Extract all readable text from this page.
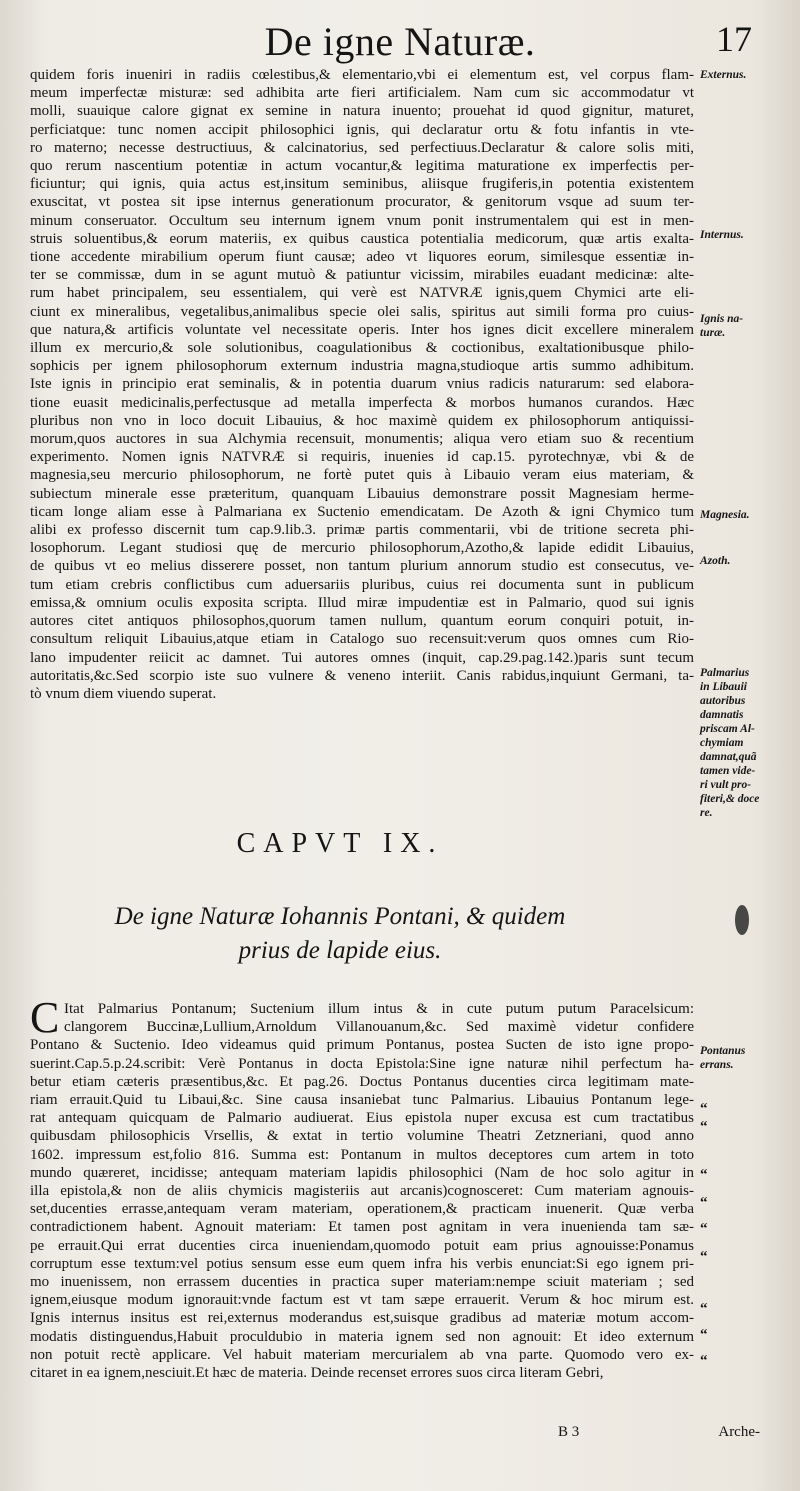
De igne Naturæ.	17
quidem foris inueniri in radiis cœlestibus,& elementario,vbi ei elementum est, vel corpus flam-
meum imperfectæ misturæ: sed adhibita arte fieri artificialem. Nam cum sic accommodatur vt
molli, suauique calore gignat ex semine in natura inuento; prouehat id quod gignitur, maturet,
perficiatque: tunc nomen accipit philosophici ignis, qui declaratur ortu & fotu infantis in vte-
ro materno; necesse destructiuus, & calcinatorius, sed perfectiuus.Declaratur & calore solis miti,
quo rerum nascentium potentiæ in actum vocantur,& legitima maturatione ex imperfectis per-
ficiuntur; qui ignis, quia actus est,insitum seminibus, aliisque frugiferis,in potentia existentem
exuscitat, vt postea sit ipse internus generationum procurator, & genitorum vsque ad suum ter-
minum conseruator. Occultum seu internum ignem vnum ponit instrumentalem qui est in men-
struis soluentibus,& eorum materiis, ex quibus caustica potentialia medicorum, quæ artis exalta-
tione accedente mirabilium operum fiunt causæ; adeo vt liquores eorum, similesque essentiæ in-
ter se commissæ, dum in se agunt mutuò & patiuntur vicissim, mirabiles euadant medicinæ: alte-
rum habet principalem, seu essentialem, qui verè est NATVRÆ ignis,quem Chymici arte eli-
ciunt ex mineralibus, vegetalibus,animalibus specie olei salis, spiritus aut simili forma pro cuius-
que natura,& artificis voluntate vel necessitate operis. Inter hos ignes dicit excellere mineralem
illum ex mercurio,& sole solutionibus, coagulationibus & coctionibus, exaltationibusque philo-
sophicis per ignem philosophorum externum industria magna,studioque artis summo adhibitum.
Iste ignis in principio erat seminalis, & in potentia duarum vnius radicis naturarum: sed elabora-
tione euasit medicinalis,perfectusque ad metalla imperfecta & morbos humanos curandos. Hæc
pluribus non vno in loco docuit Libauius, & hoc maximè quidem ex philosophorum antiquissi-
morum,quos auctores in sua Alchymia recensuit, monumentis; aliqua vero etiam suo & recentium
experimento. Nomen ignis NATVRÆ si requiris, inuenies id cap.15. pyrotechnyæ, vbi & de
magnesia,seu mercurio philosophorum, ne fortè putet quis à Libauio veram eius materiam, &
subiectum minerale esse præteritum, quanquam Libauius demonstrare possit Magnesiam herme-
ticam longe aliam esse à Palmariana ex Suctenio emendicatam. De Azoth & igni Chymico tum
alibi ex professo discernit tum cap.9.lib.3. primæ partis commentarii, vbi de tritione secreta phi-
losophorum. Legant studiosi quę de mercurio philosophorum,Azotho,& lapide edidit Libauius,
de quibus vt eo melius disserere posset, non tantum plurium annorum studio est consecutus, ve-
tum etiam crebris conflictibus cum aduersariis pluribus, cuius rei documenta sunt in publicum
emissa,& omnium oculis exposita scripta. Illud miræ impudentiæ est in Palmario, quod sui ignis
autores citet antiquos philosophos,quorum tamen nullum, quantum eorum conquiri potuit, in-
consultum reliquit Libauius,atque etiam in Catalogo suo recensuit:verum quos omnes cum Rio-
lano impudenter reiicit ac damnet. Tui autores omnes (inquit, cap.29.pag.142.)paris sunt tecum
autoritatis,&c.Sed scorpio iste suo vulnere & veneno interiit. Canis rabidus,inquiunt Germani, ta-
tò vnum diem viuendo superat.
Externus.
Internus.
Ignis na-
turæ.
Magnesia.
Azoth.
Palmarius
in Libauii
autoribus
damnatis
priscam Al-
chymiam
damnat,quã
tamen vide-
ri vult pro-
fiteri,& doce
re.
Pontanus
errans.
CAPVT IX.
De igne Naturæ Iohannis Pontani, & quidem
prius de lapide eius.
C Itat Palmarius Pontanum; Suctenium illum intus & in cute putum putum Paracelsicum:
clangorem Buccinæ,Lullium,Arnoldum Villanouanum,&c. Sed maximè videtur confidere
Pontano & Suctenio. Ideo videamus quid primum Pontanus, postea Sucten de isto igne propo-
suerint.Cap.5.p.24.scribit: Verè Pontanus in docta Epistola:Sine igne naturæ nihil perfectum ha-
betur etiam cæteris præsentibus,&c. Et pag.26. Doctus Pontanus ducenties circa legitimam mate-
riam errauit.Quid tu Libaui,&c. Sine causa insaniebat tunc Palmarius. Libauius Pontanum lege-
rat antequam quicquam de Palmario audiuerat. Eius epistola nuper excusa est cum tractatibus
quibusdam philosophicis Vrsellis, & extat in tertio volumine Theatri Zetzneriani, quod anno
1602. impressum est,folio 816. Summa est: Pontanum in multos deceptores cum artem in toto
mundo quæreret, incidisse; antequam materiam lapidis philosophici (Nam de hoc solo agitur in
illa epistola,& non de aliis chymicis magisteriis aut arcanis)cognosceret: Cum materiam agnouis-
set,ducenties errasse,antequam veram materiam, operationem,& practicam inuenerit. Quæ verba
contradictionem habent. Agnouit materiam: Et tamen post agnitam in vera inuenienda tam sæ-
pe errauit.Qui errat ducenties circa inueniendam,quomodo potuit eam prius agnouisse:Ponamus
corruptum esse textum:vel potius sensum esse eum quem infra his verbis enunciat:Si ego ignem pri-
mo inuenissem, non errassem ducenties in practica super materiam:nempe sciuit materiam ; sed
ignem,eiusque modum ignorauit:vnde factum est vt tam sæpe errauerit. Verum & hoc mirum est.
Ignis internus insitus est rei,externus moderandus est,suisque gradibus ad materiæ motum accom-
modatis distinguendus,Habuit proculdubio in materia ignem sed non agnouit: Et ideo externum
non potuit rectè applicare. Vel habuit materiam mercurialem ab vna parte. Quomodo vero ex-
citaret in ea ignem,nesciuit.Et hæc de materia. Deinde recenset errores suos circa literam Gebri,
“
“
“
“
“
“
“
“
“
B 3	Arche-
